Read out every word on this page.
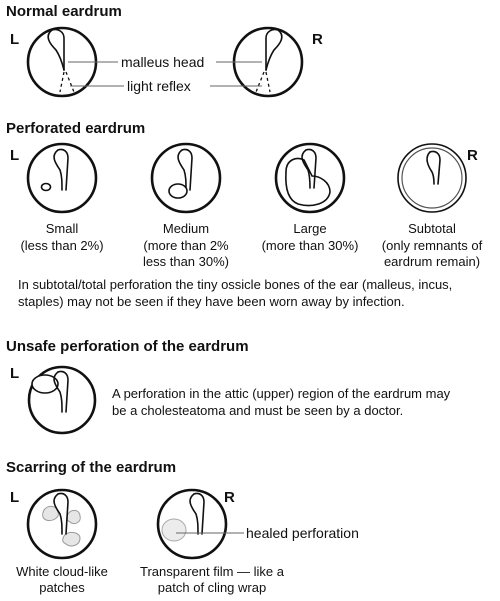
Normal eardrum
L	R
malleus head
light reflex
Perforated eardrum
L	R
Small
(less than 2%)
Medium
(more than 2%
less than 30%)
Large
(more than 30%)
Subtotal
(only remnants of
eardrum remain)
In subtotal/total perforation the tiny ossicle bones of the ear (malleus, incus,
staples) may not be seen if they have been worn away by infection.
Unsafe perforation of the eardrum
L
A perforation in the attic (upper) region of the eardrum may
be a cholesteatoma and must be seen by a doctor.
Scarring of the eardrum
L	R
healed perforation
White cloud-like
patches
Transparent film — like a
patch of cling wrap
